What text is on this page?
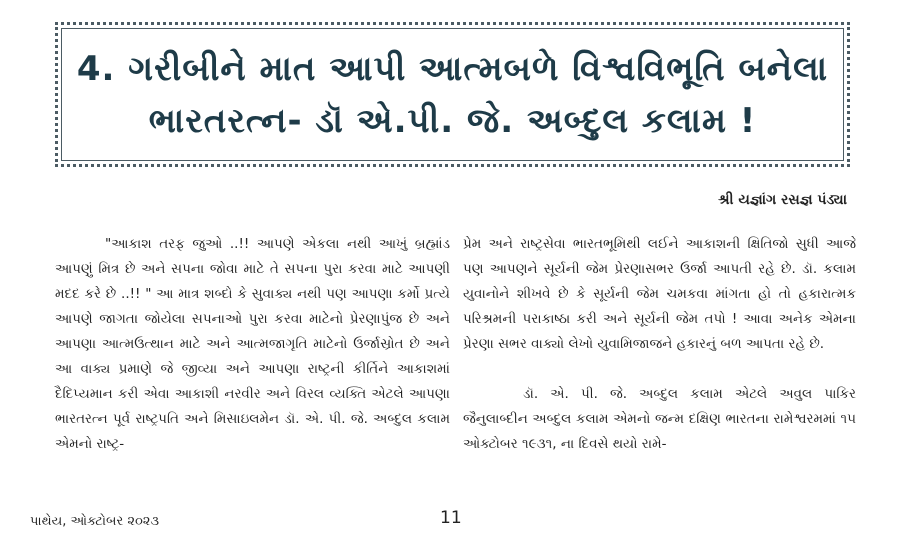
4. ગરીબીને માત આપી આત્મબળે વિશ્વવિભૂતિ બનેલા
ભારતરત્ન- ડૉ એ.પી. જે. અબ્દુલ કલામ !
શ્રી યજ્ઞાંગ રસજ્ઞ પંડ્યા

"આકાશ તરફ જુઓ ..!! આપણે એકલા નથી આખું બ્રહ્માંડ આપણું મિત્ર છે અને સપના જોવા માટે તે સપના પુરા કરવા માટે આપણી મદદ કરે છે ..!! " આ માત્ર શબ્દો કે સુવાક્ય નથી પણ આપણા કર્મો પ્રત્યે આપણે જાગતા જોયેલા સપનાઓ પુરા કરવા માટેનો પ્રેરણાપુંજ છે અને આપણા આત્મઉત્થાન માટે અને આત્મજાગૃતિ માટેનો ઉર્જાસ્રોત છે અને આ વાક્ય પ્રમાણે જે જીવ્યા અને આપણા રાષ્ટ્રની કીર્તિને આકાશમાં દૈદિપ્યમાન કરી એવા આકાશી નરવીર અને વિરલ વ્યક્તિ એટલે આપણા ભારતરત્ન પૂર્વ રાષ્ટ્રપતિ અને મિસાઇલમેન ડૉ. એ. પી. જે. અબ્દુલ કલામ એમનો રાષ્ટ્ર-

પ્રેમ અને રાષ્ટ્રસેવા ભારતભૂમિથી લઈને આકાશની ક્ષિતિજો સુધી આજે પણ આપણને સૂર્યની જેમ પ્રેરણાસભર ઉર્જા આપતી રહે છે. ડૉ. કલામ યુવાનોને શીખવે છે કે સૂર્યની જેમ ચમકવા માંગતા હો તો હકારાત્મક પરિશ્રમની પરાકાષ્ઠા કરી અને સૂર્યની જેમ તપો ! આવા અનેક એમના પ્રેરણા સભર વાક્યો લેખો યુવામિજાજને હકારનું બળ આપતા રહે છે.

ડૉ. એ. પી. જે. અબ્દુલ કલામ એટલે અવુલ પાકિર જૈનુલાબ્દીન અબ્દુલ કલામ એમનો જન્મ દક્ષિણ ભારતના રામેશ્વરમમાં ૧૫ ઓક્ટોબર ૧૯૩૧, ના દિવસે થયો રામે-

પાથેય, ઓક્ટોબર ૨૦૨૩	11
